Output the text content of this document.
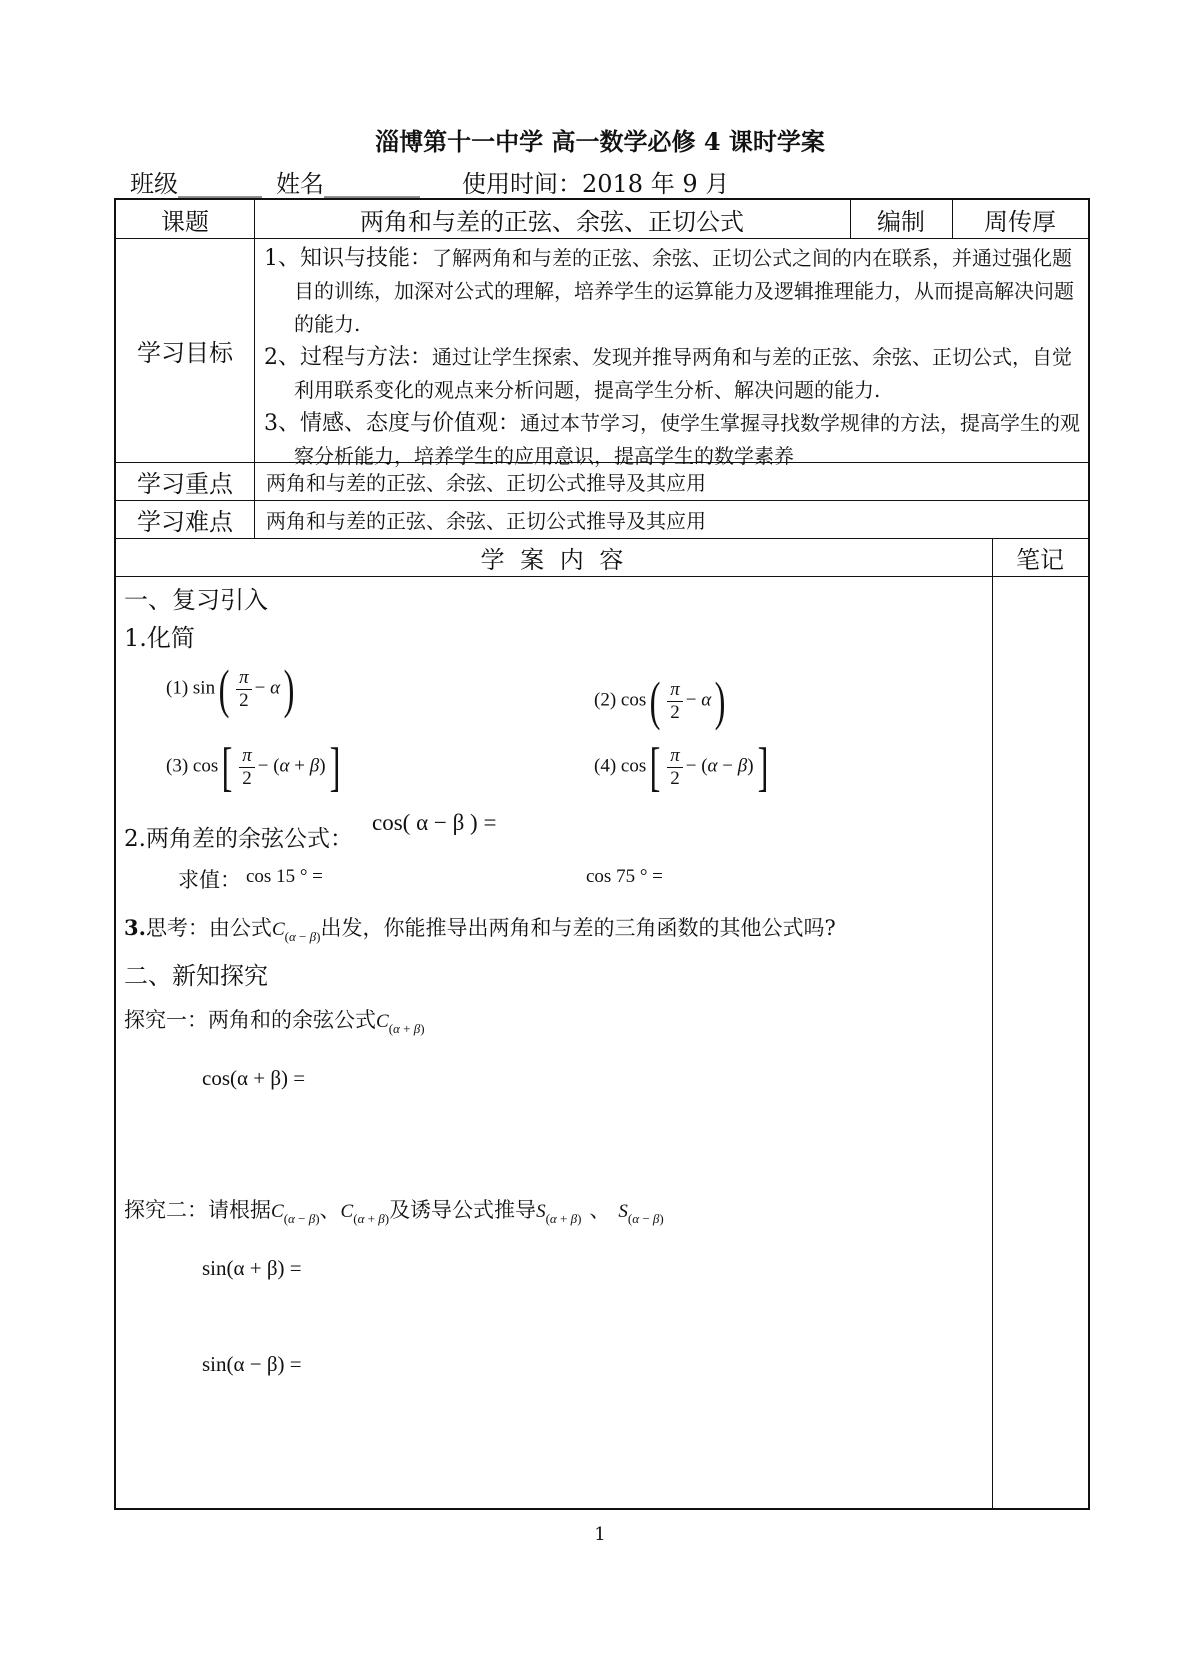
淄博第十一中学 高一数学必修 4 课时学案
班级_______ 姓名________ 使用时间：2018 年 9 月
课题	两角和与差的正弦、余弦、正切公式	编制	周传厚
学习目标
1、知识与技能：了解两角和与差的正弦、余弦、正切公式之间的内在联系，并通过强化题目的训练，加深对公式的理解，培养学生的运算能力及逻辑推理能力，从而提高解决问题的能力.
2、过程与方法：通过让学生探索、发现并推导两角和与差的正弦、余弦、正切公式，自觉利用联系变化的观点来分析问题，提高学生分析、解决问题的能力.
3、情感、态度与价值观：通过本节学习，使学生掌握寻找数学规律的方法，提高学生的观察分析能力，培养学生的应用意识，提高学生的数学素养
学习重点	两角和与差的正弦、余弦、正切公式推导及其应用
学习难点	两角和与差的正弦、余弦、正切公式推导及其应用
学 案 内 容	笔记
一、复习引入
1.化简
(1) $\sin( \frac{\pi}{2} - \alpha)$	(2) $\cos( \frac{\pi}{2} - \alpha)$
(3) $\cos[ \frac{\pi}{2} - (\alpha + \beta)]$	(4) $\cos[ \frac{\pi}{2} - (\alpha - \beta)]$
2.两角差的余弦公式：
cos( α − β ) =
求值： cos 15 ° =	cos 75 ° =
3.思考：由公式$C_{(\alpha - \beta)}$出发，你能推导出两角和与差的三角函数的其他公式吗?
二、新知探究
探究一：两角和的余弦公式$C_{(\alpha + \beta)}$
cos(α + β) =
探究二：请根据$C_{(\alpha - \beta)}$、$C_{(\alpha + \beta)}$及诱导公式推导$S_{(\alpha + \beta)}$ 、 $S_{(\alpha - \beta)}$
sin(α + β) =
sin(α − β) =
1
